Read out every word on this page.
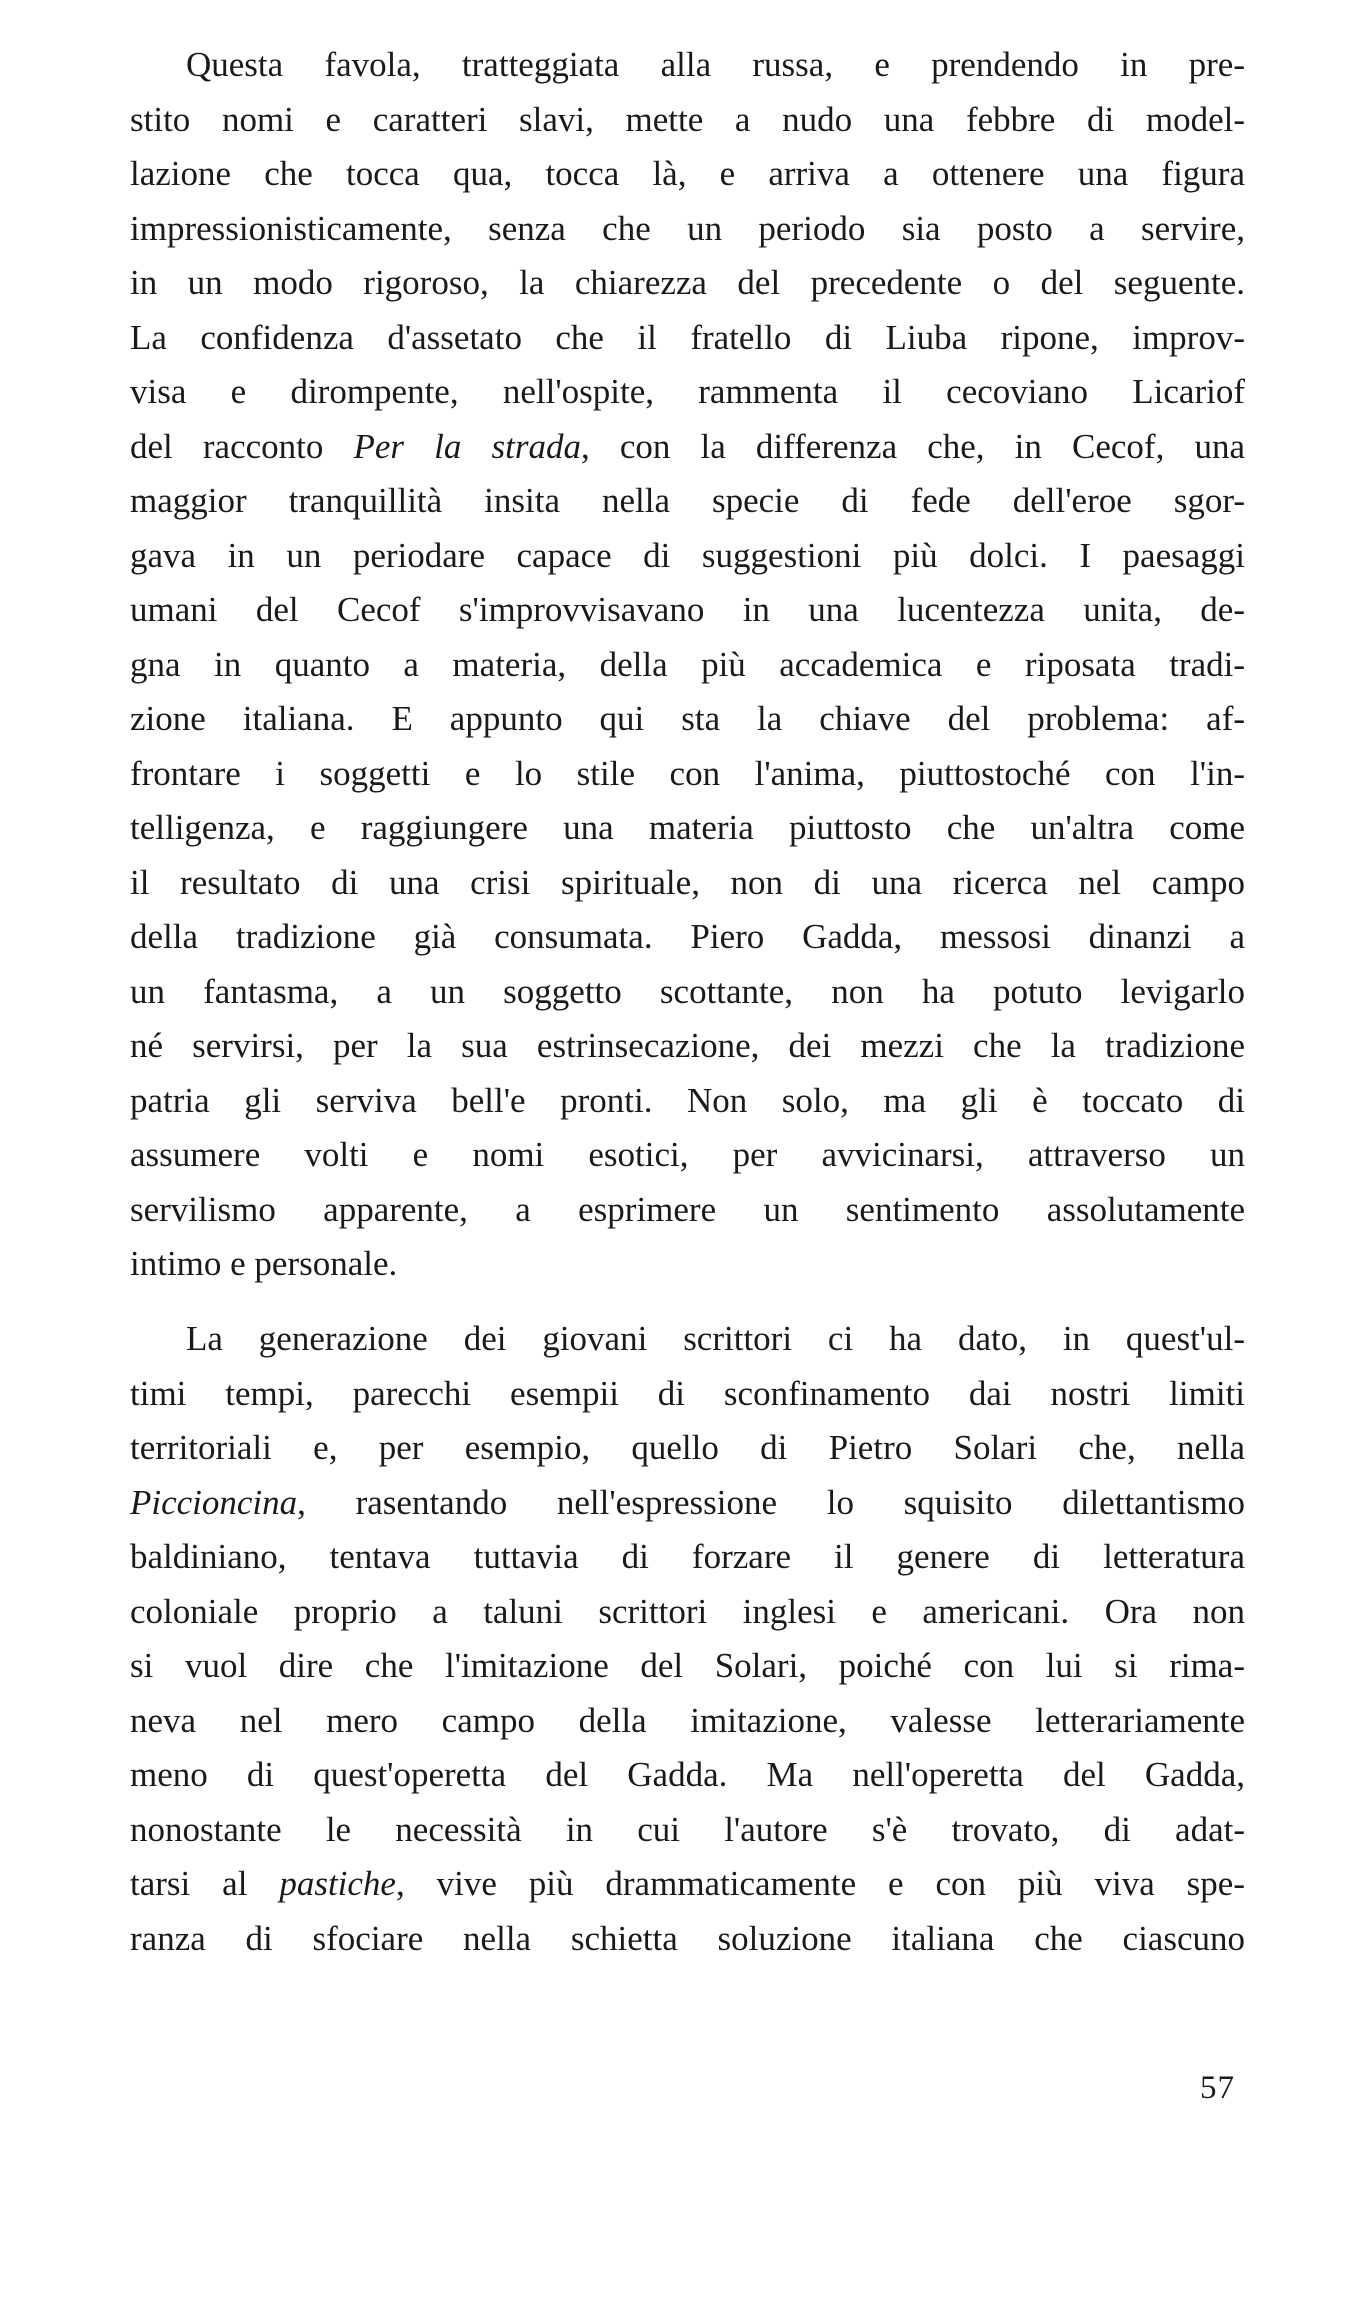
Questa favola, tratteggiata alla russa, e prendendo in pre-
stito nomi e caratteri slavi, mette a nudo una febbre di model-
lazione che tocca qua, tocca là, e arriva a ottenere una figura
impressionisticamente, senza che un periodo sia posto a servire,
in un modo rigoroso, la chiarezza del precedente o del seguente.
La confidenza d'assetato che il fratello di Liuba ripone, improv-
visa e dirompente, nell'ospite, rammenta il cecoviano Licariof
del racconto Per la strada, con la differenza che, in Cecof, una
maggior tranquillità insita nella specie di fede dell'eroe sgor-
gava in un periodare capace di suggestioni più dolci. I paesaggi
umani del Cecof s'improvvisavano in una lucentezza unita, de-
gna in quanto a materia, della più accademica e riposata tradi-
zione italiana. E appunto qui sta la chiave del problema: af-
frontare i soggetti e lo stile con l'anima, piuttostoché con l'in-
telligenza, e raggiungere una materia piuttosto che un'altra come
il resultato di una crisi spirituale, non di una ricerca nel campo
della tradizione già consumata. Piero Gadda, messosi dinanzi a
un fantasma, a un soggetto scottante, non ha potuto levigarlo
né servirsi, per la sua estrinsecazione, dei mezzi che la tradizione
patria gli serviva bell'e pronti. Non solo, ma gli è toccato di
assumere volti e nomi esotici, per avvicinarsi, attraverso un
servilismo apparente, a esprimere un sentimento assolutamente
intimo e personale.
La generazione dei giovani scrittori ci ha dato, in quest'ul-
timi tempi, parecchi esempii di sconfinamento dai nostri limiti
territoriali e, per esempio, quello di Pietro Solari che, nella
Piccioncina, rasentando nell'espressione lo squisito dilettantismo
baldiniano, tentava tuttavia di forzare il genere di letteratura
coloniale proprio a taluni scrittori inglesi e americani. Ora non
si vuol dire che l'imitazione del Solari, poiché con lui si rima-
neva nel mero campo della imitazione, valesse letterariamente
meno di quest'operetta del Gadda. Ma nell'operetta del Gadda,
nonostante le necessità in cui l'autore s'è trovato, di adat-
tarsi al pastiche, vive più drammaticamente e con più viva spe-
ranza di sfociare nella schietta soluzione italiana che ciascuno
57
